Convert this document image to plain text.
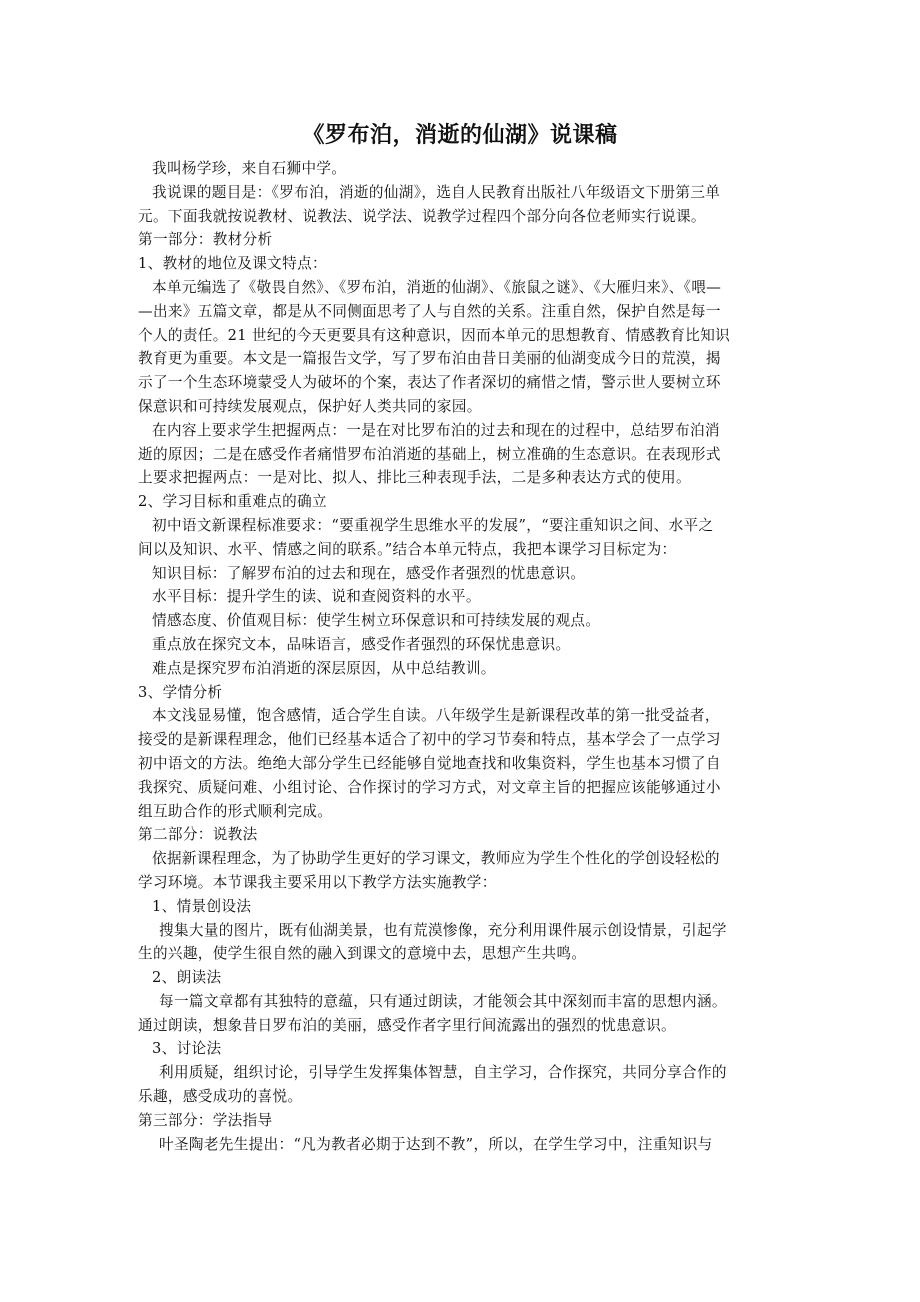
《罗布泊，消逝的仙湖》说课稿
我叫杨学珍，来自石狮中学。
我说课的题目是：《罗布泊，消逝的仙湖》，选自人民教育出版社八年级语文下册第三单
元。下面我就按说教材、说教法、说学法、说教学过程四个部分向各位老师实行说课。
第一部分：教材分析
1、教材的地位及课文特点：
本单元编选了《敬畏自然》、《罗布泊，消逝的仙湖》、《旅鼠之谜》、《大雁归来》、《喂—
—出来》五篇文章，都是从不同侧面思考了人与自然的关系。注重自然，保护自然是每一
个人的责任。21 世纪的今天更要具有这种意识，因而本单元的思想教育、情感教育比知识
教育更为重要。本文是一篇报告文学，写了罗布泊由昔日美丽的仙湖变成今日的荒漠，揭
示了一个生态环境蒙受人为破坏的个案，表达了作者深切的痛惜之情，警示世人要树立环
保意识和可持续发展观点，保护好人类共同的家园。
在内容上要求学生把握两点：一是在对比罗布泊的过去和现在的过程中，总结罗布泊消
逝的原因；二是在感受作者痛惜罗布泊消逝的基础上，树立准确的生态意识。在表现形式
上要求把握两点：一是对比、拟人、排比三种表现手法，二是多种表达方式的使用。
2、学习目标和重难点的确立
初中语文新课程标准要求：“要重视学生思维水平的发展”，“要注重知识之间、水平之
间以及知识、水平、情感之间的联系。”结合本单元特点，我把本课学习目标定为：
知识目标：了解罗布泊的过去和现在，感受作者强烈的忧患意识。
水平目标：提升学生的读、说和查阅资料的水平。
情感态度、价值观目标：使学生树立环保意识和可持续发展的观点。
重点放在探究文本，品味语言，感受作者强烈的环保忧患意识。
难点是探究罗布泊消逝的深层原因，从中总结教训。
3、学情分析
本文浅显易懂，饱含感情，适合学生自读。八年级学生是新课程改革的第一批受益者，
接受的是新课程理念，他们已经基本适合了初中的学习节奏和特点，基本学会了一点学习
初中语文的方法。绝绝大部分学生已经能够自觉地查找和收集资料，学生也基本习惯了自
我探究、质疑问难、小组讨论、合作探讨的学习方式，对文章主旨的把握应该能够通过小
组互助合作的形式顺利完成。
第二部分：说教法
依据新课程理念，为了协助学生更好的学习课文，教师应为学生个性化的学创设轻松的
学习环境。本节课我主要采用以下教学方法实施教学：
1、情景创设法
搜集大量的图片，既有仙湖美景，也有荒漠惨像，充分利用课件展示创设情景，引起学
生的兴趣，使学生很自然的融入到课文的意境中去，思想产生共鸣。
2、朗读法
每一篇文章都有其独特的意蕴，只有通过朗读，才能领会其中深刻而丰富的思想内涵。
通过朗读，想象昔日罗布泊的美丽，感受作者字里行间流露出的强烈的忧患意识。
3、讨论法
利用质疑，组织讨论，引导学生发挥集体智慧，自主学习，合作探究，共同分享合作的
乐趣，感受成功的喜悦。
第三部分：学法指导
叶圣陶老先生提出：“凡为教者必期于达到不教”，所以，在学生学习中，注重知识与
